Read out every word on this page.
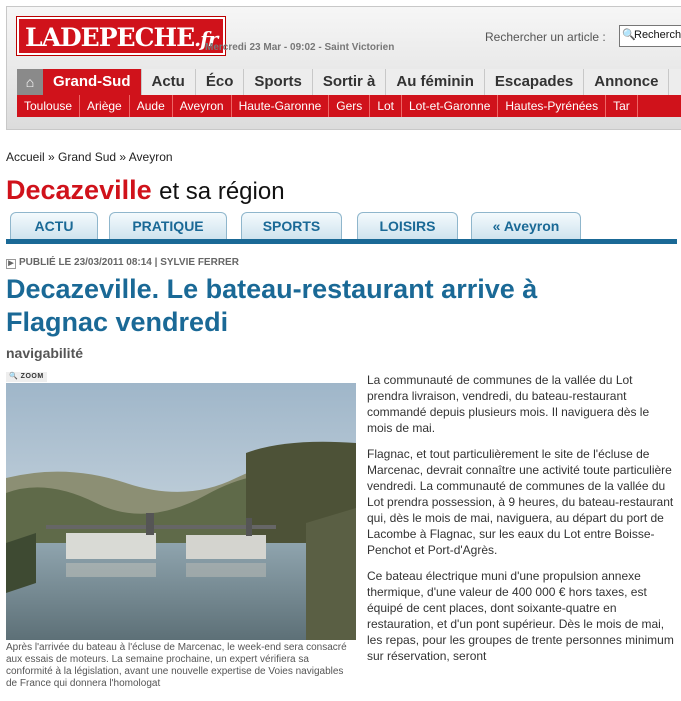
LADEPECHE.fr
Mercredi 23 Mar - 09:02 - Saint Victorien
Rechercher un article : 🔍
Recherch
⌂	Grand-Sud	Actu	Éco	Sports	Sortir à	Au féminin	Escapades	Annonce
Toulouse	Ariège	Aude	Aveyron	Haute-Garonne	Gers	Lot	Lot-et-Garonne	Hautes-Pyrénées	Tar
Accueil » Grand Sud » Aveyron
Decazeville et sa région
ACTU	PRATIQUE	SPORTS	LOISIRS	« Aveyron
▶ PUBLIÉ LE 23/03/2011 08:14 | SYLVIE FERRER
Decazeville. Le bateau-restaurant arrive à Flagnac vendredi
navigabilité
🔍 ZOOM
Après l'arrivée du bateau à l'écluse de Marcenac, le week-end sera consacré aux essais de moteurs. La semaine prochaine, un expert vérifiera sa conformité à la législation, avant une nouvelle expertise de Voies navigables de France qui donnera l'homologat

La communauté de communes de la vallée du Lot prendra livraison, vendredi, du bateau-restaurant commandé depuis plusieurs mois. Il naviguera dès le mois de mai.

Flagnac, et tout particulièrement le site de l'écluse de Marcenac, devrait connaître une activité toute particulière vendredi. La communauté de communes de la vallée du Lot prendra possession, à 9 heures, du bateau-restaurant qui, dès le mois de mai, naviguera, au départ du port de Lacombe à Flagnac, sur les eaux du Lot entre Boisse-Penchot et Port-d'Agrès.

Ce bateau électrique muni d'une propulsion annexe thermique, d'une valeur de 400 000 € hors taxes, est équipé de cent places, dont soixante-quatre en restauration, et d'un pont supérieur. Dès le mois de mai, les repas, pour les groupes de trente personnes minimum sur réservation, seront
